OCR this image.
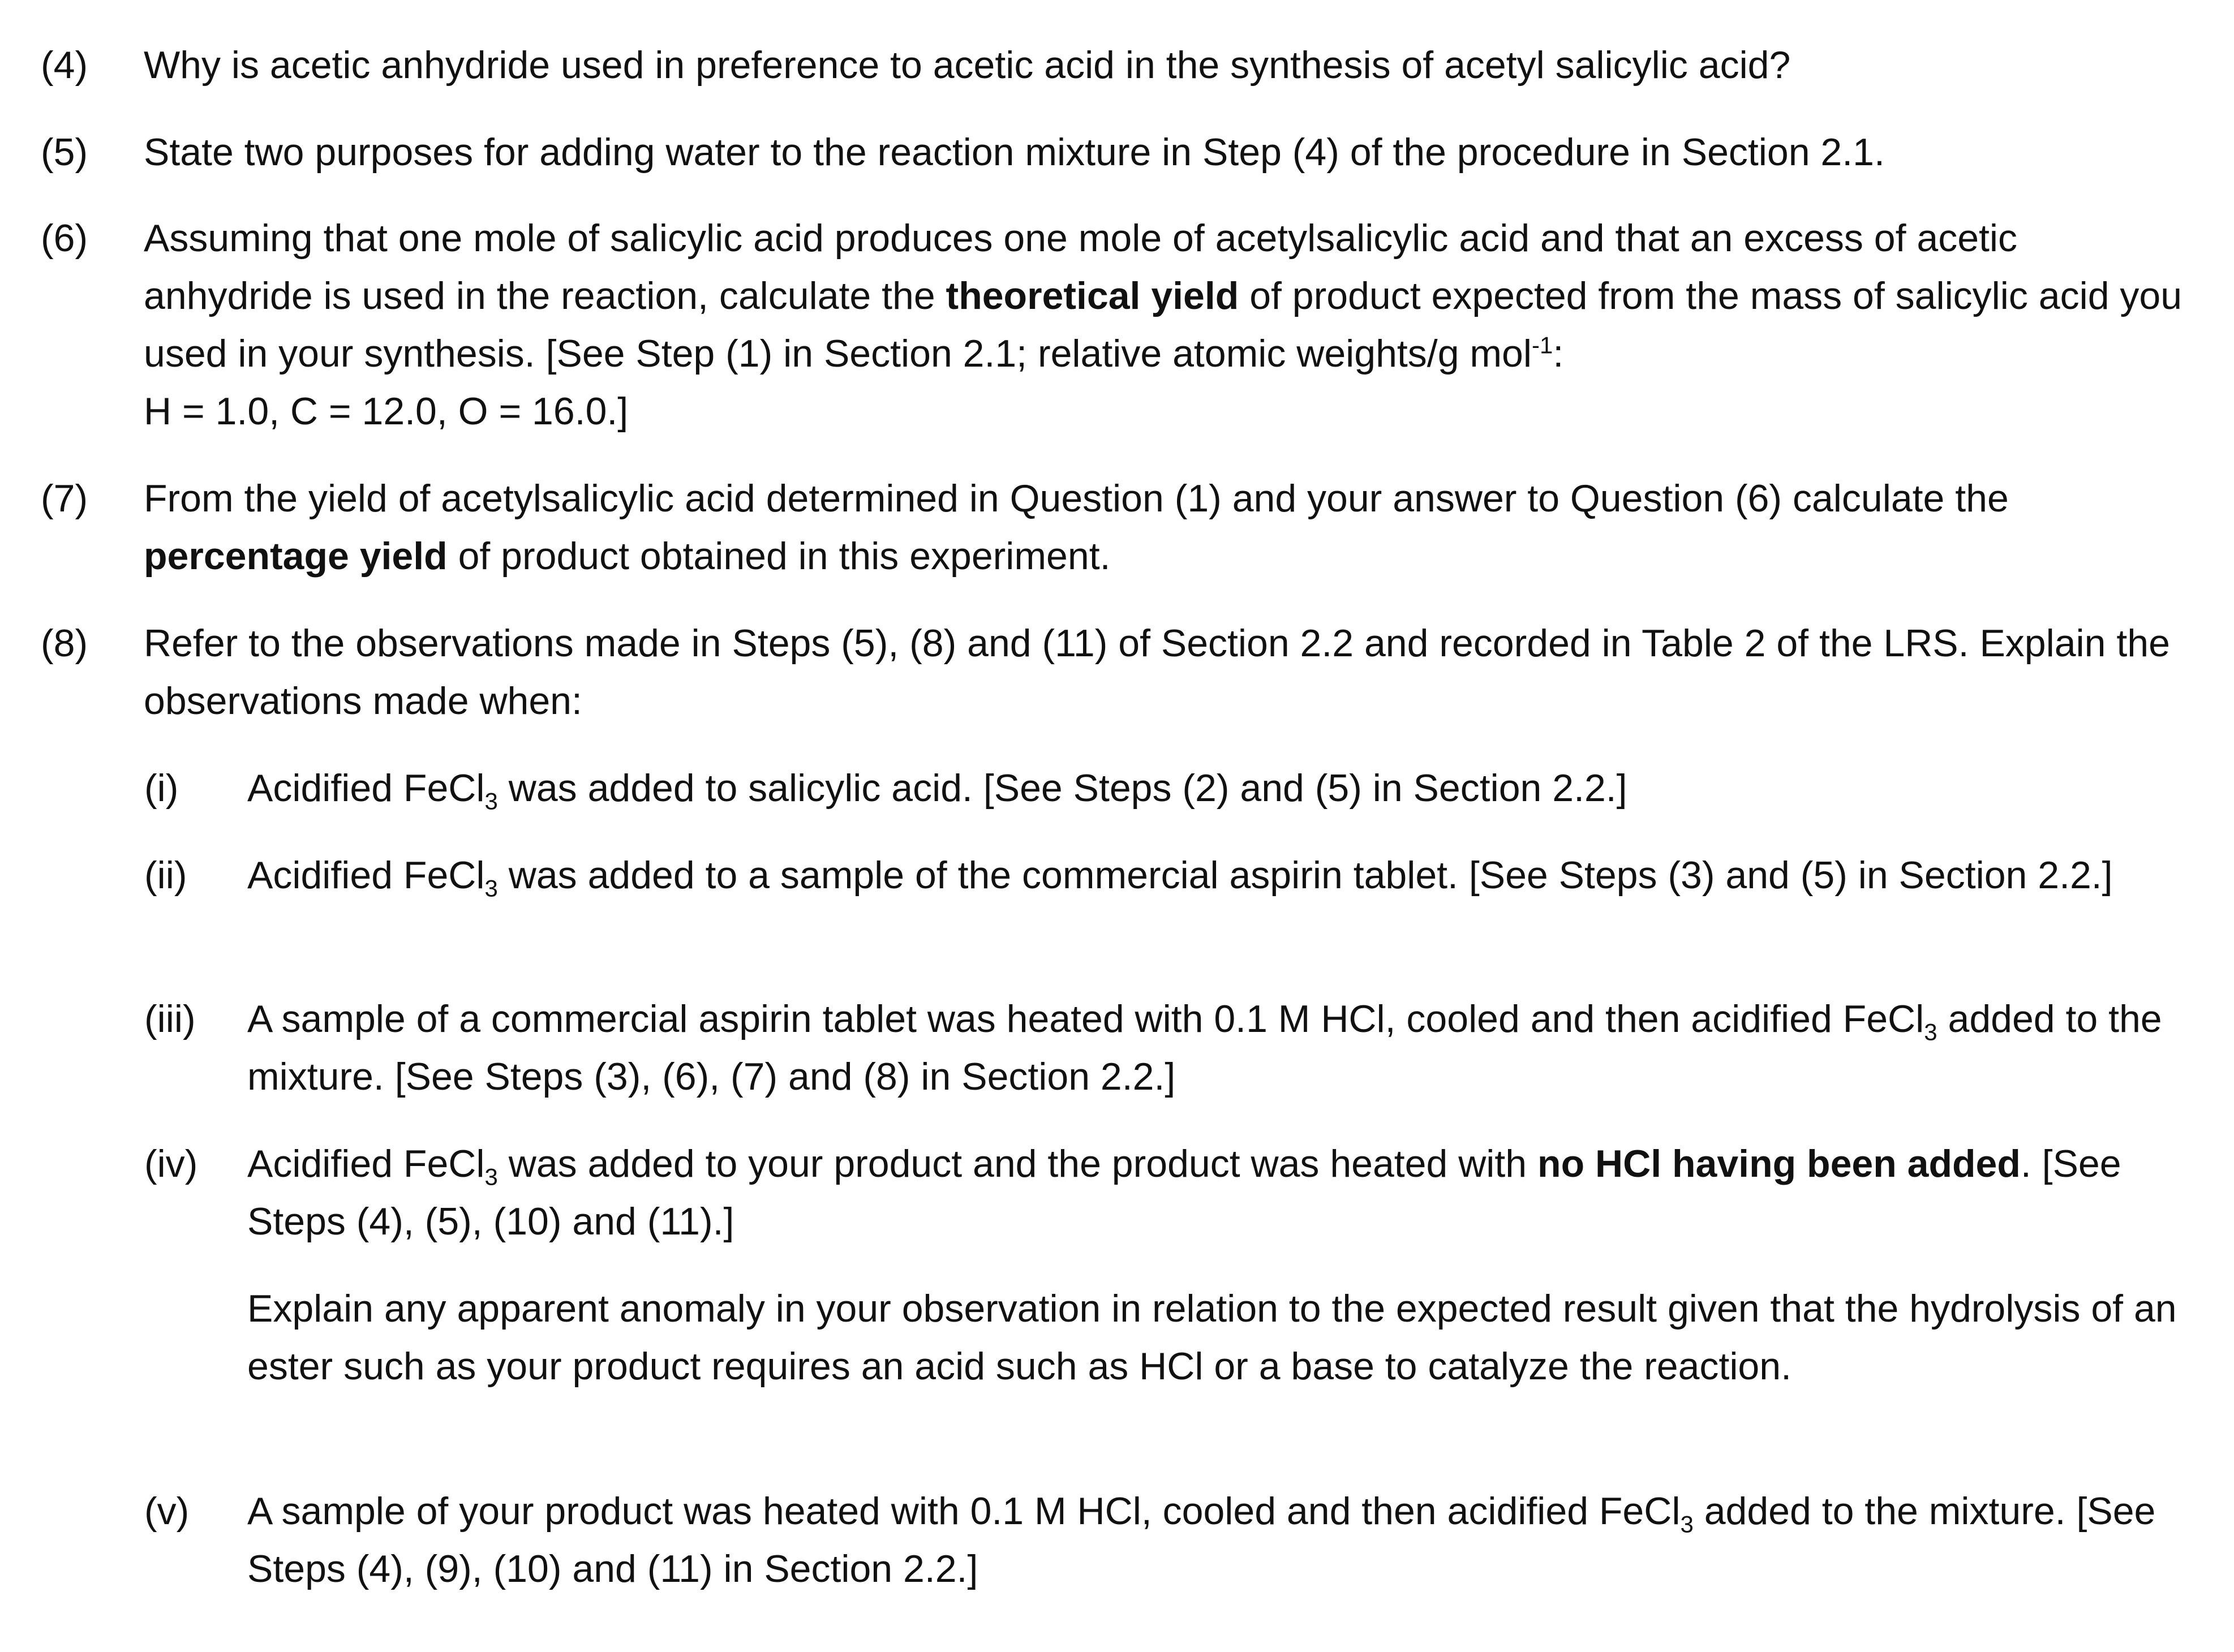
(4)	Why is acetic anhydride used in preference to acetic acid in the synthesis of acetyl salicylic acid?
(5)	State two purposes for adding water to the reaction mixture in Step (4) of the procedure in Section 2.1.
(6)	Assuming that one mole of salicylic acid produces one mole of acetylsalicylic acid and that an excess of acetic anhydride is used in the reaction, calculate the theoretical yield of product expected from the mass of salicylic acid you used in your synthesis. [See Step (1) in Section 2.1; relative atomic weights/g mol$^{-1}$:
H = 1.0, C = 12.0, O = 16.0.]
(7)	From the yield of acetylsalicylic acid determined in Question (1) and your answer to Question (6) calculate the percentage yield of product obtained in this experiment.
(8)	Refer to the observations made in Steps (5), (8) and (11) of Section 2.2 and recorded in Table 2 of the LRS. Explain the observations made when:
(i)	Acidified FeCl$_3$ was added to salicylic acid. [See Steps (2) and (5) in Section 2.2.]
(ii)	Acidified FeCl$_3$ was added to a sample of the commercial aspirin tablet. [See Steps (3) and (5) in Section 2.2.]
(iii)	A sample of a commercial aspirin tablet was heated with 0.1 M HCl, cooled and then acidified FeCl$_3$ added to the mixture. [See Steps (3), (6), (7) and (8) in Section 2.2.]
(iv)	Acidified FeCl$_3$ was added to your product and the product was heated with no HCl having been added. [See Steps (4), (5), (10) and (11).]
Explain any apparent anomaly in your observation in relation to the expected result given that the hydrolysis of an ester such as your product requires an acid such as HCl or a base to catalyze the reaction.
(v)	A sample of your product was heated with 0.1 M HCl, cooled and then acidified FeCl$_3$ added to the mixture. [See Steps (4), (9), (10) and (11) in Section 2.2.]
